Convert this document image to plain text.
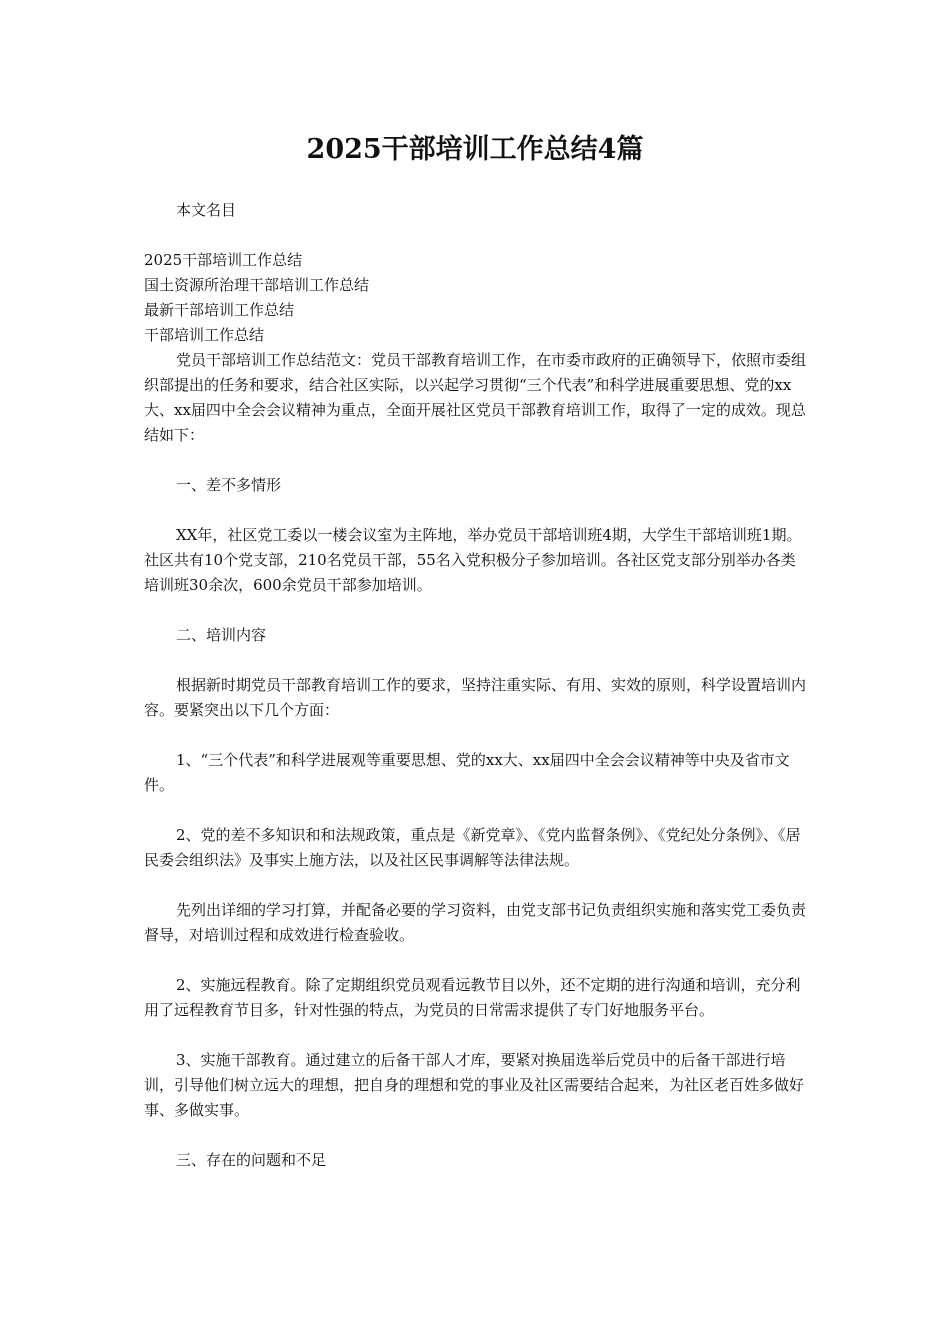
2025干部培训工作总结4篇

本文名目

2025干部培训工作总结

国土资源所治理干部培训工作总结

最新干部培训工作总结

干部培训工作总结

党员干部培训工作总结范文：党员干部教育培训工作，在市委市政府的正确领导下，依照市委组织部提出的任务和要求，结合社区实际，以兴起学习贯彻“三个代表”和科学进展重要思想、党的xx大、xx届四中全会会议精神为重点，全面开展社区党员干部教育培训工作，取得了一定的成效。现总结如下：

一、差不多情形

XX年，社区党工委以一楼会议室为主阵地，举办党员干部培训班4期，大学生干部培训班1期。社区共有10个党支部，210名党员干部，55名入党积极分子参加培训。各社区党支部分别举办各类培训班30余次，600余党员干部参加培训。

二、培训内容

根据新时期党员干部教育培训工作的要求，坚持注重实际、有用、实效的原则，科学设置培训内容。要紧突出以下几个方面：

1、“三个代表”和科学进展观等重要思想、党的xx大、xx届四中全会会议精神等中央及省市文件。

2、党的差不多知识和和法规政策，重点是《新党章》、《党内监督条例》、《党纪处分条例》、《居民委会组织法》及事实上施方法，以及社区民事调解等法律法规。

先列出详细的学习打算，并配备必要的学习资料，由党支部书记负责组织实施和落实党工委负责督导，对培训过程和成效进行检查验收。

2、实施远程教育。除了定期组织党员观看远教节目以外，还不定期的进行沟通和培训，充分利用了远程教育节目多，针对性强的特点，为党员的日常需求提供了专门好地服务平台。

3、实施干部教育。通过建立的后备干部人才库，要紧对换届选举后党员中的后备干部进行培训，引导他们树立远大的理想，把自身的理想和党的事业及社区需要结合起来，为社区老百姓多做好事、多做实事。

三、存在的问题和不足
